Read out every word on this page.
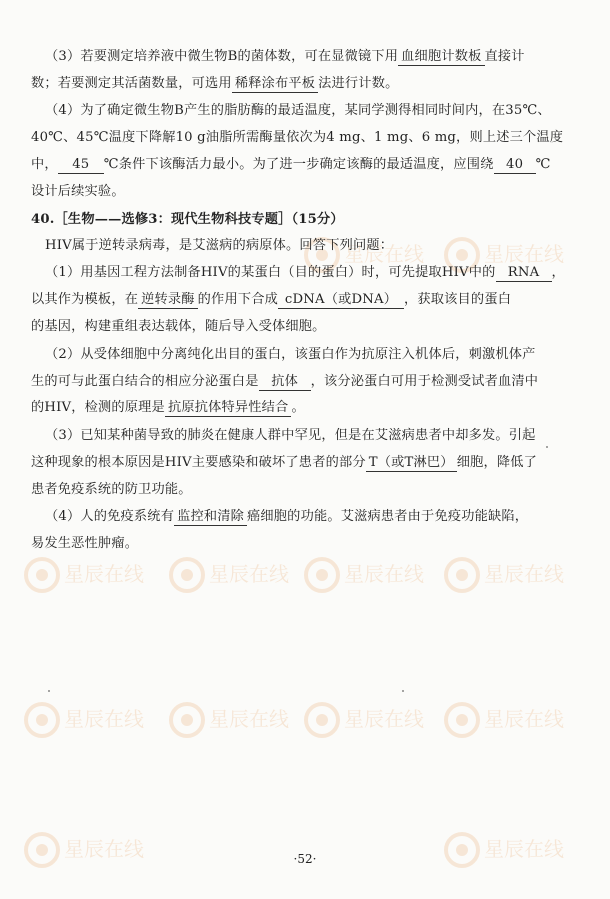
星辰在线	星辰在线
星辰在线	星辰在线	星辰在线	星辰在线
星辰在线	星辰在线	星辰在线	星辰在线
星辰在线	星辰在线
（3）若要测定培养液中微生物B的菌体数，可在显微镜下用 血细胞计数板 直接计
数；若要测定其活菌数量，可选用 稀释涂布平板 法进行计数。
（4）为了确定微生物B产生的脂肪酶的最适温度，某同学测得相同时间内，在35℃、
40℃、45℃温度下降解10 g油脂所需酶量依次为4 mg、1 mg、6 mg，则上述三个温度
中， 45 ℃条件下该酶活力最小。为了进一步确定该酶的最适温度，应围绕 40 ℃
设计后续实验。
40.［生物——选修3：现代生物科技专题］（15分）
HIV属于逆转录病毒，是艾滋病的病原体。回答下列问题：
（1）用基因工程方法制备HIV的某蛋白（目的蛋白）时，可先提取HIV中的 RNA ，
以其作为模板，在 逆转录酶 的作用下合成 cDNA（或DNA） ，获取该目的蛋白
的基因，构建重组表达载体，随后导入受体细胞。
（2）从受体细胞中分离纯化出目的蛋白，该蛋白作为抗原注入机体后，刺激机体产
生的可与此蛋白结合的相应分泌蛋白是 抗体 ，该分泌蛋白可用于检测受试者血清中
的HIV，检测的原理是 抗原抗体特异性结合 。
（3）已知某种菌导致的肺炎在健康人群中罕见，但是在艾滋病患者中却多发。引起
这种现象的根本原因是HIV主要感染和破坏了患者的部分 T（或T淋巴） 细胞，降低了
患者免疫系统的防卫功能。
（4）人的免疫系统有 监控和清除 癌细胞的功能。艾滋病患者由于免疫功能缺陷，
易发生恶性肿瘤。
·52·
